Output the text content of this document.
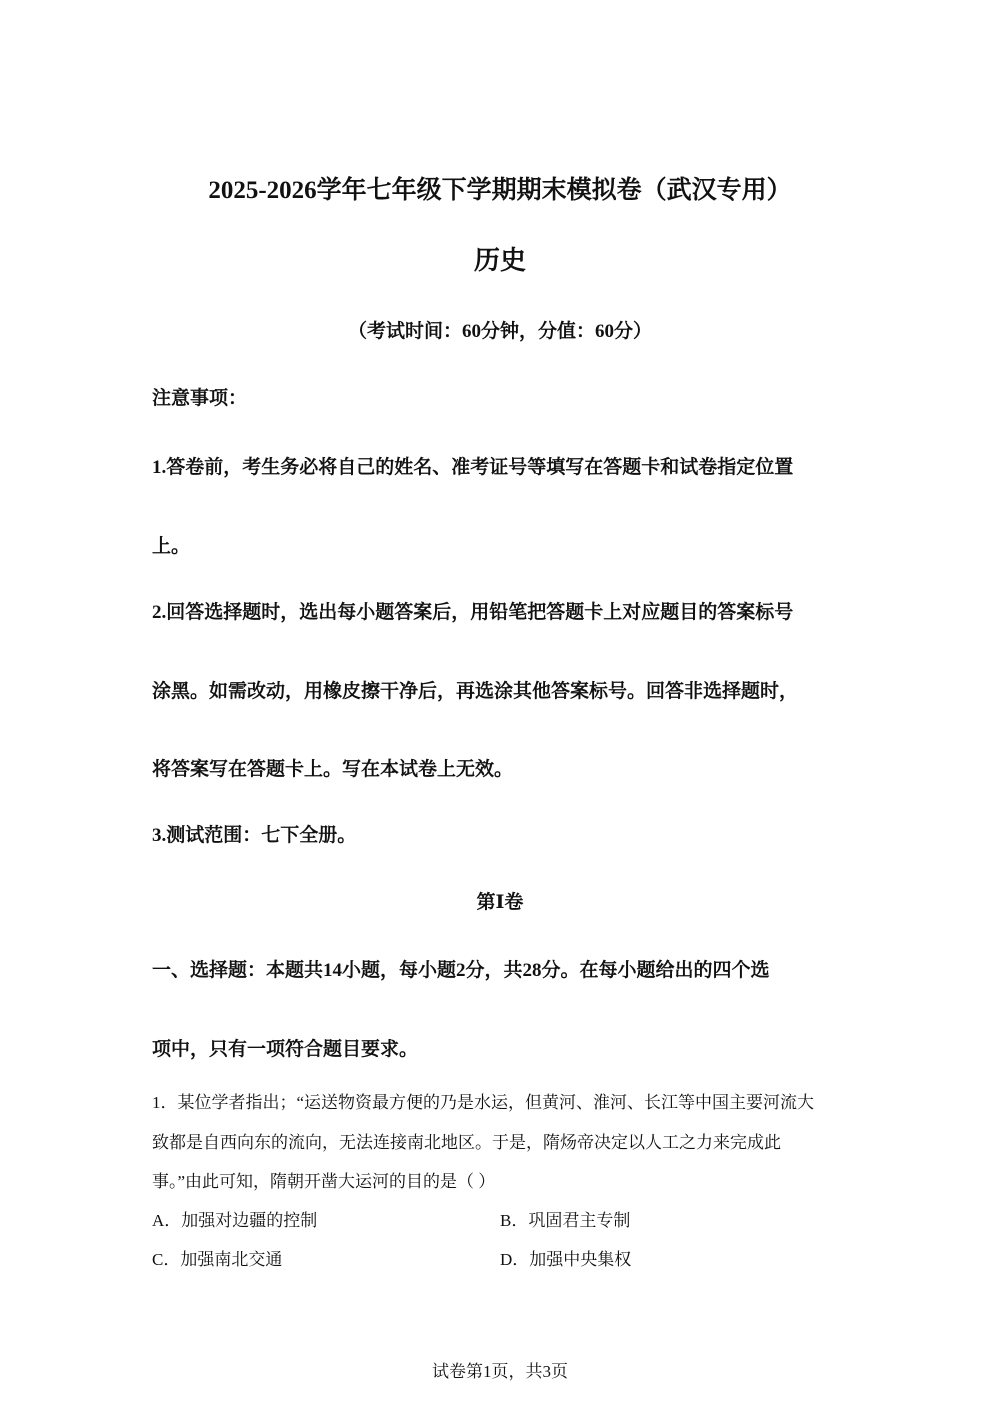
2025-2026学年七年级下学期期末模拟卷（武汉专用）
历史
（考试时间：60分钟，分值：60分）
注意事项：
1.答卷前，考生务必将自己的姓名、准考证号等填写在答题卡和试卷指定位置
上。
2.回答选择题时，选出每小题答案后，用铅笔把答题卡上对应题目的答案标号
涂黑。如需改动，用橡皮擦干净后，再选涂其他答案标号。回答非选择题时，
将答案写在答题卡上。写在本试卷上无效。
3.测试范围：七下全册。
第Ⅰ卷
一、选择题：本题共14小题，每小题2分，共28分。在每小题给出的四个选
项中，只有一项符合题目要求。
1．某位学者指出；“运送物资最方便的乃是水运，但黄河、淮河、长江等中国主要河流大
致都是自西向东的流向，无法连接南北地区。于是，隋炀帝决定以人工之力来完成此
事。”由此可知，隋朝开凿大运河的目的是（ ）
A．加强对边疆的控制	B．巩固君主专制
C．加强南北交通	D．加强中央集权
试卷第1页，共3页
